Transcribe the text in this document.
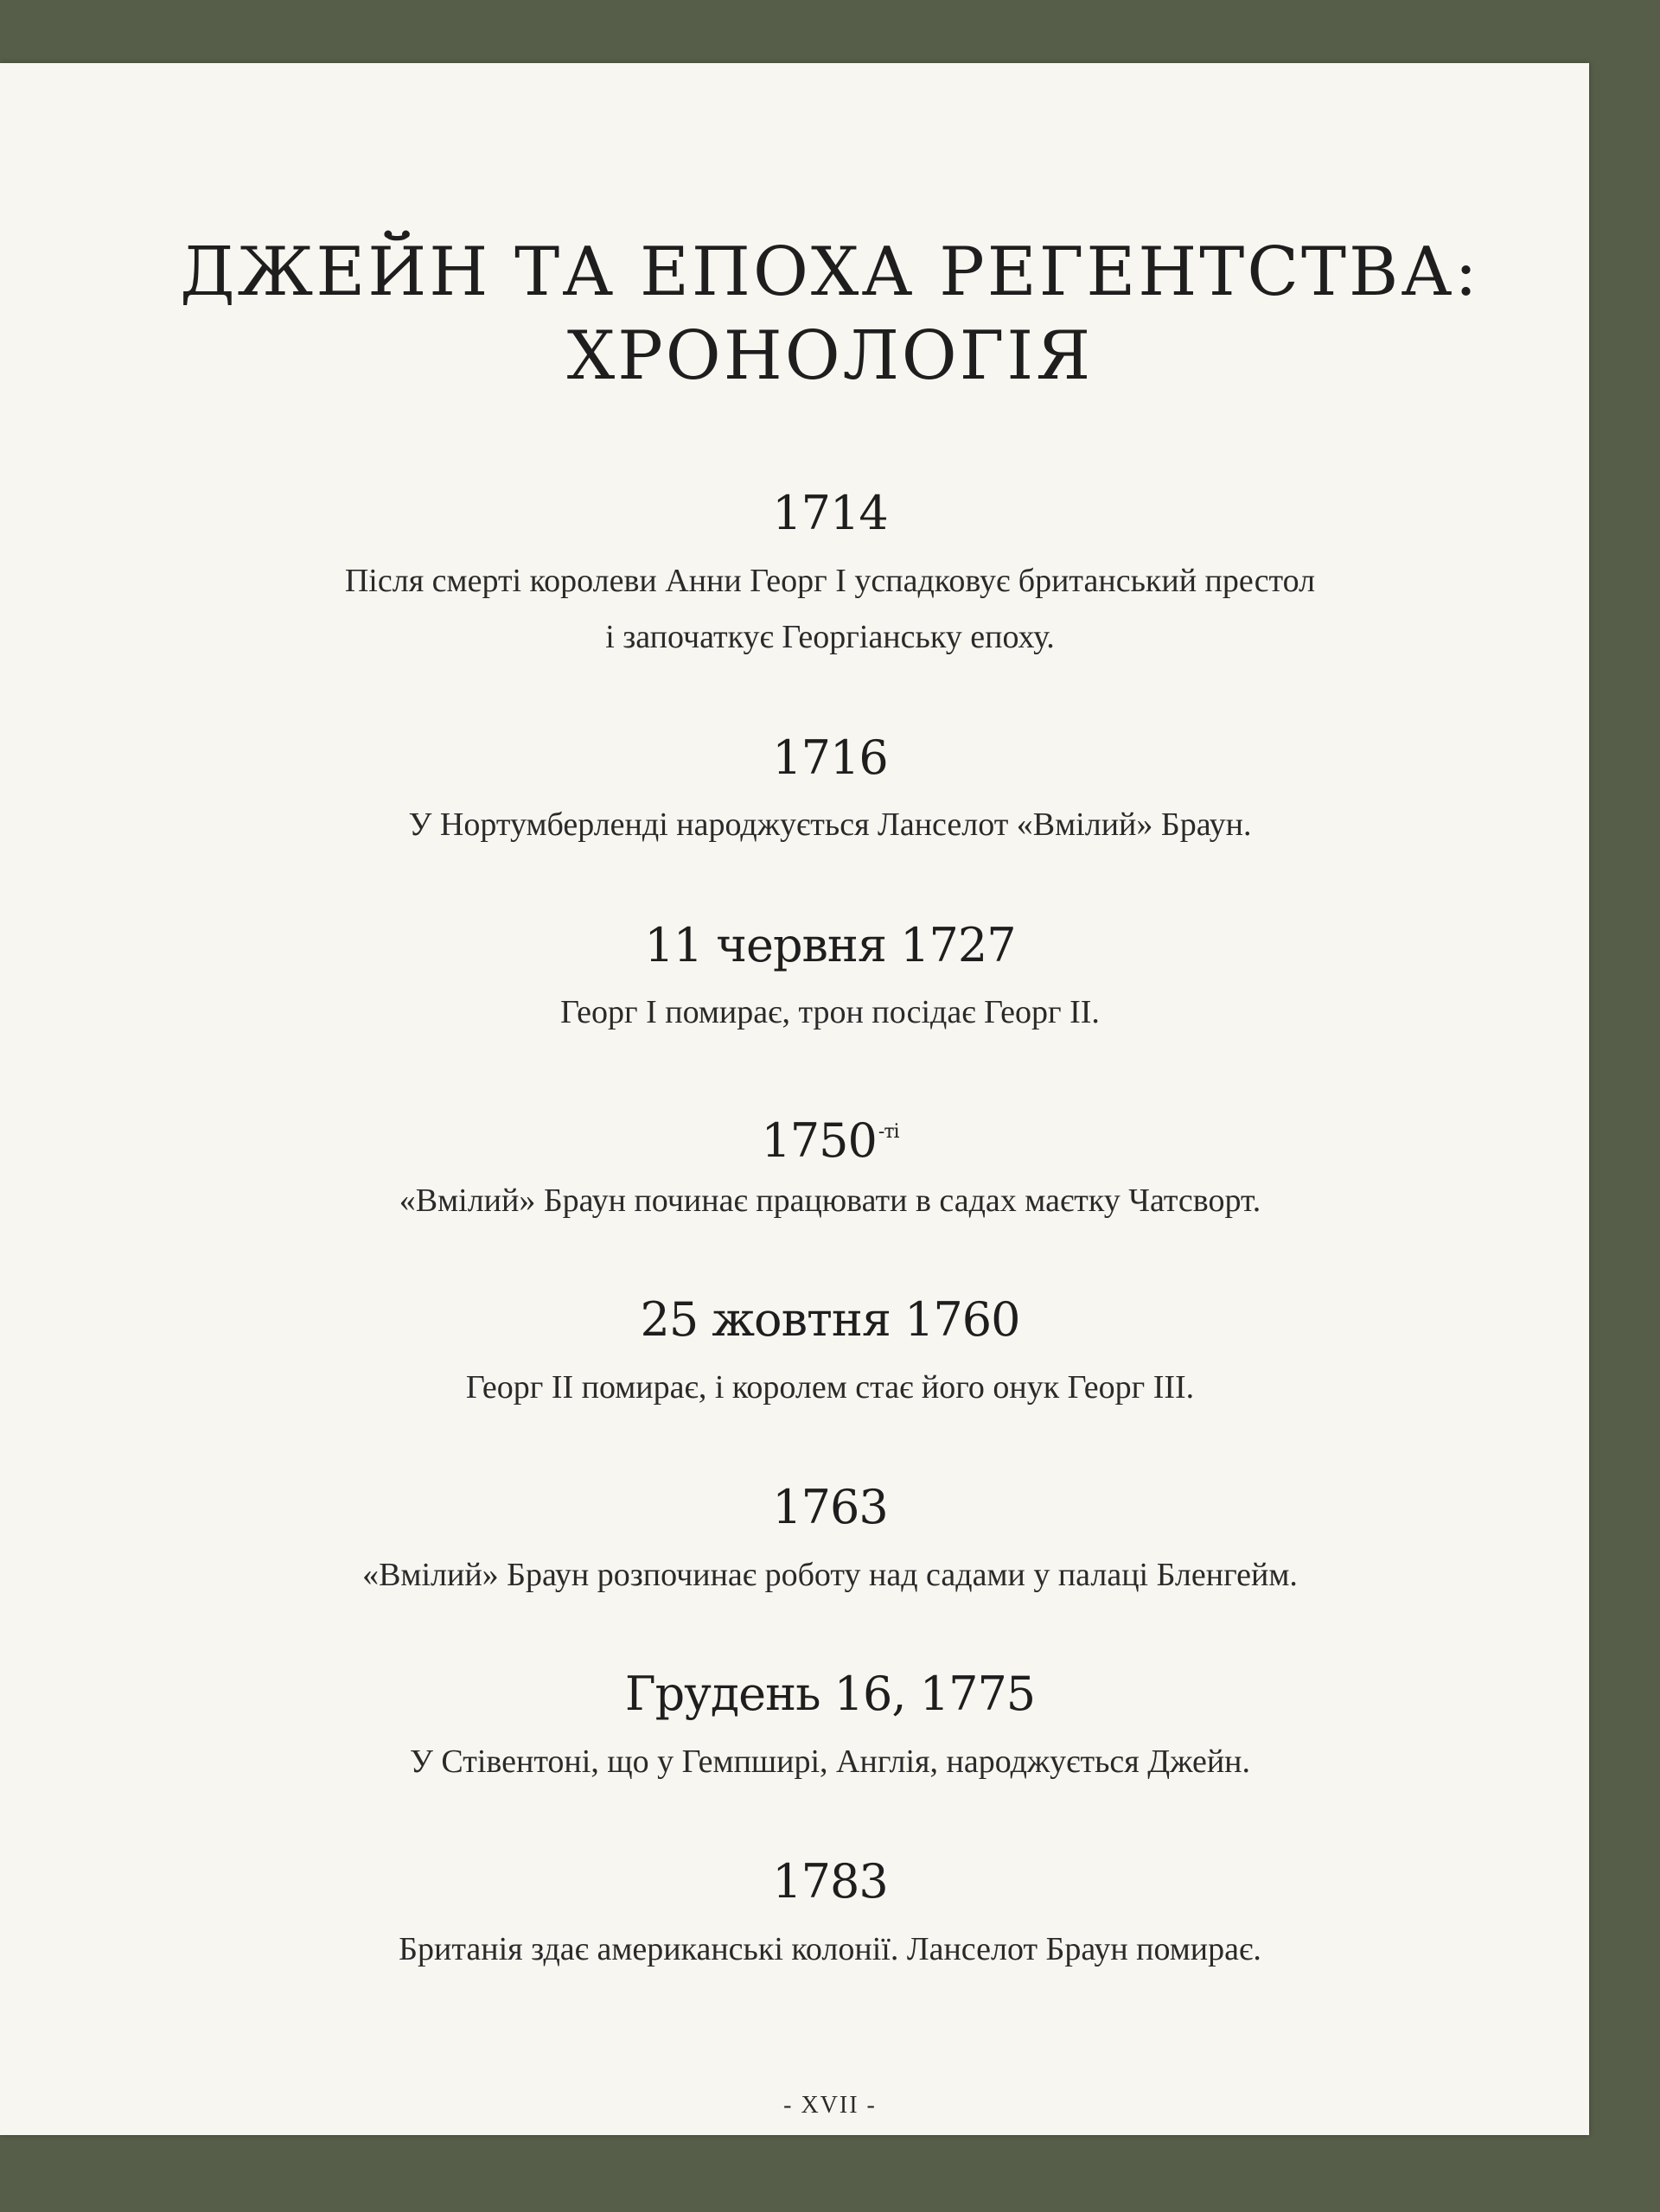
ДЖЕЙН ТА ЕПОХА РЕГЕНТСТВА:
ХРОНОЛОГІЯ
1714
Після смерті королеви Анни Георг I успадковує британський престол
і започаткує Георгіанську епоху.
1716
У Нортумберленді народжується Ланселот «Вмілий» Браун.
11 червня 1727
Георг I помирає, трон посідає Георг II.
$1750^{-ті}$
«Вмілий» Браун починає працювати в садах маєтку Чатсворт.
25 жовтня 1760
Георг II помирає, і королем стає його онук Георг III.
1763
«Вмілий» Браун розпочинає роботу над садами у палаці Бленгейм.
Грудень 16, 1775
У Стівентоні, що у Гемпширі, Англія, народжується Джейн.
1783
Британія здає американські колонії. Ланселот Браун помирає.
- XVII -
